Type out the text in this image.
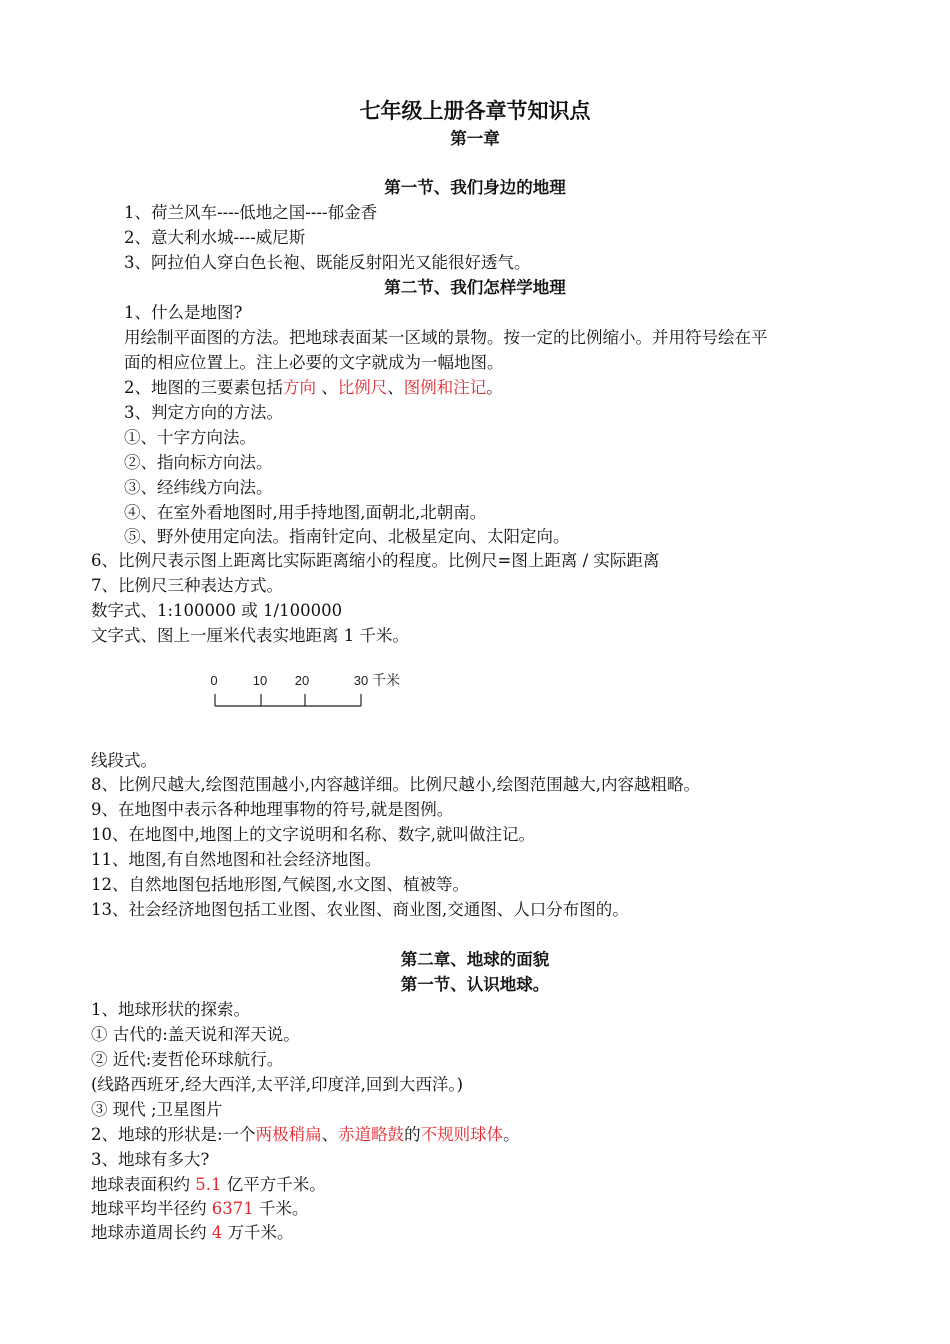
七年级上册各章节知识点
第一章
第一节、我们身边的地理
1、荷兰风车----低地之国----郁金香
2、意大利水城----威尼斯
3、阿拉伯人穿白色长袍、既能反射阳光又能很好透气。
第二节、我们怎样学地理
1、什么是地图?
用绘制平面图的方法。把地球表面某一区域的景物。按一定的比例缩小。并用符号绘在平
面的相应位置上。注上必要的文字就成为一幅地图。
2、地图的三要素包括方向 、比例尺、图例和注记。
3、判定方向的方法。
①、十字方向法。
②、指向标方向法。
③、经纬线方向法。
④、在室外看地图时,用手持地图,面朝北,北朝南。
⑤、野外使用定向法。指南针定向、北极星定向、太阳定向。
6、比例尺表示图上距离比实际距离缩小的程度。比例尺=图上距离 / 实际距离
7、比例尺三种表达方式。
数字式、1:100000 或 1/100000
文字式、图上一厘米代表实地距离 1 千米。
0	10 20	30 千米
线段式。
8、比例尺越大,绘图范围越小,内容越详细。比例尺越小,绘图范围越大,内容越粗略。
9、在地图中表示各种地理事物的符号,就是图例。
10、在地图中,地图上的文字说明和名称、数字,就叫做注记。
11、地图,有自然地图和社会经济地图。
12、自然地图包括地形图,气候图,水文图、植被等。
13、社会经济地图包括工业图、农业图、商业图,交通图、人口分布图的。
第二章、地球的面貌
第一节、认识地球。
1、地球形状的探索。
① 古代的:盖天说和浑天说。
② 近代:麦哲伦环球航行。
(线路西班牙,经大西洋,太平洋,印度洋,回到大西洋。)
③ 现代 ;卫星图片
2、地球的形状是:一个两极稍扁、赤道略鼓的不规则球体。
3、地球有多大?
地球表面积约 5.1 亿平方千米。
地球平均半径约 6371 千米。
地球赤道周长约 4 万千米。
